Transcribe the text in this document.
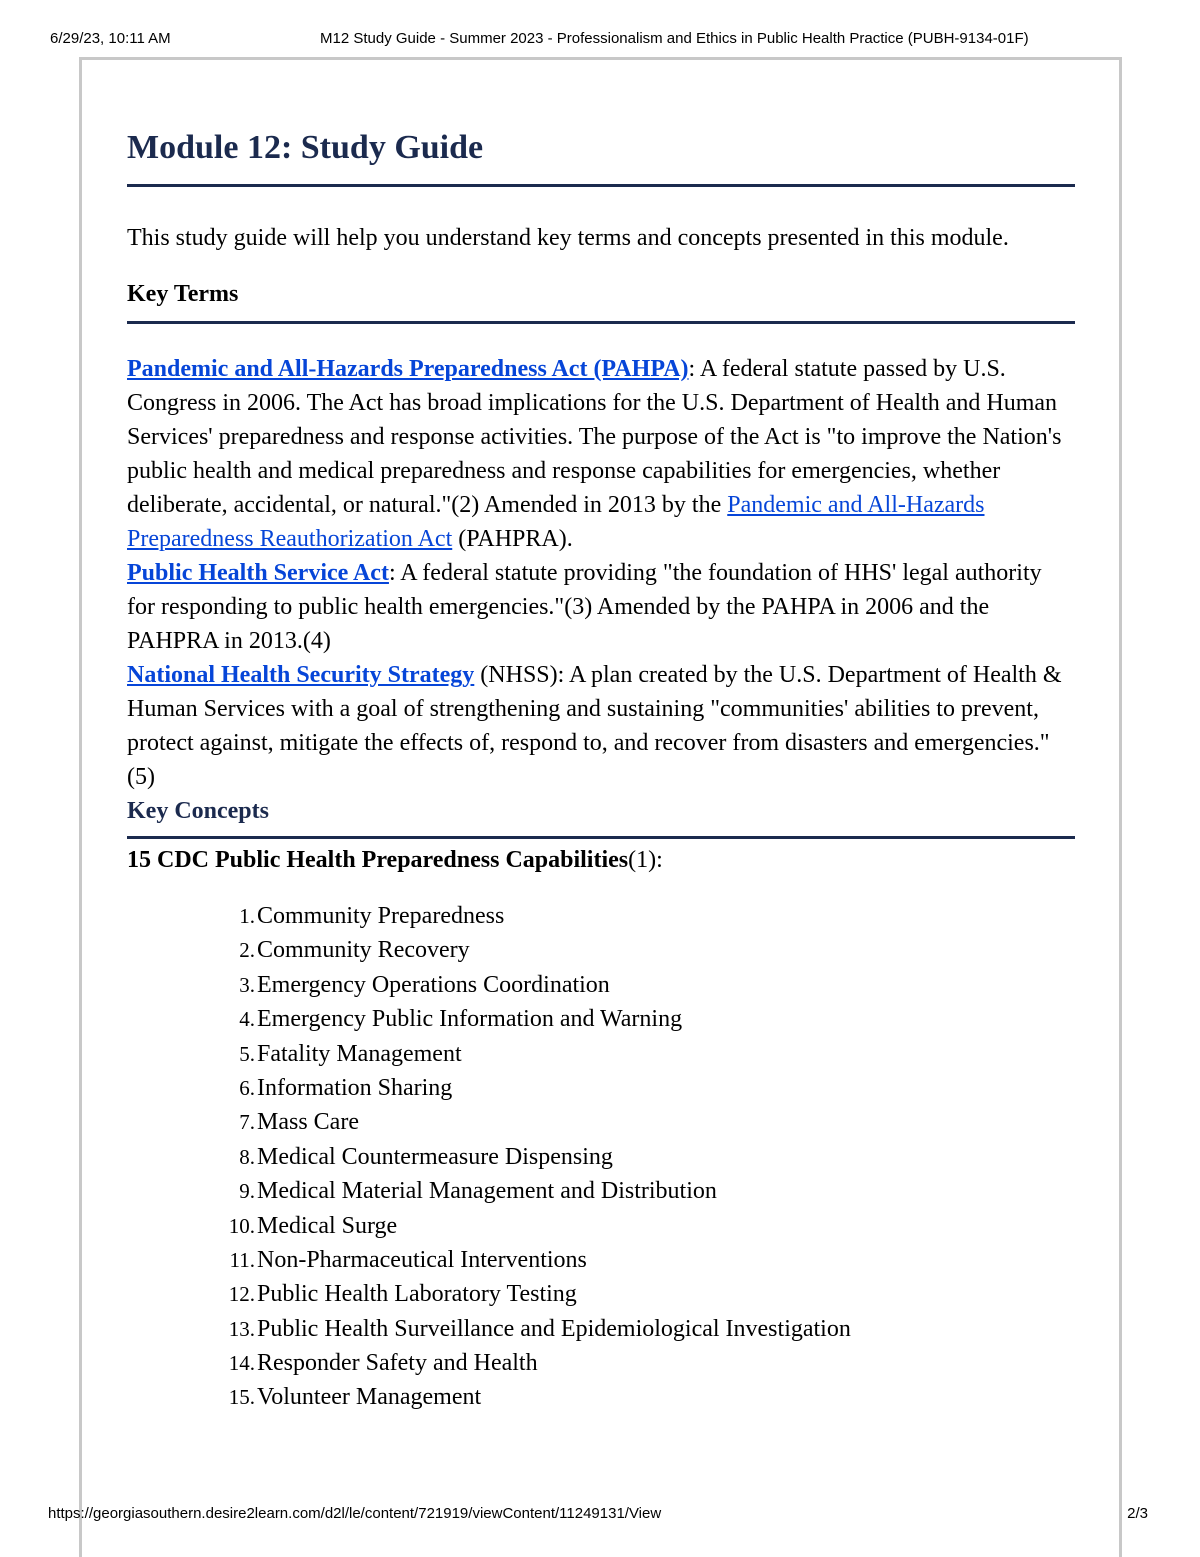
6/29/23, 10:11 AM	M12 Study Guide - Summer 2023 - Professionalism and Ethics in Public Health Practice (PUBH-9134-01F)
Module 12: Study Guide

This study guide will help you understand key terms and concepts presented in this module.

Key Terms

Pandemic and All-Hazards Preparedness Act (PAHPA): A federal statute passed by U.S. Congress in 2006. The Act has broad implications for the U.S. Department of Health and Human Services' preparedness and response activities. The purpose of the Act is "to improve the Nation's public health and medical preparedness and response capabilities for emergencies, whether deliberate, accidental, or natural."(2) Amended in 2013 by the Pandemic and All-Hazards Preparedness Reauthorization Act (PAHPRA).

Public Health Service Act: A federal statute providing "the foundation of HHS' legal authority for responding to public health emergencies."(3) Amended by the PAHPA in 2006 and the PAHPRA in 2013.(4)

National Health Security Strategy (NHSS): A plan created by the U.S. Department of Health & Human Services with a goal of strengthening and sustaining "communities' abilities to prevent, protect against, mitigate the effects of, respond to, and recover from disasters and emergencies."(5)

Key Concepts

15 CDC Public Health Preparedness Capabilities(1):

1. Community Preparedness
2. Community Recovery
3. Emergency Operations Coordination
4. Emergency Public Information and Warning
5. Fatality Management
6. Information Sharing
7. Mass Care
8. Medical Countermeasure Dispensing
9. Medical Material Management and Distribution
10. Medical Surge
11. Non-Pharmaceutical Interventions
12. Public Health Laboratory Testing
13. Public Health Surveillance and Epidemiological Investigation
14. Responder Safety and Health
15. Volunteer Management
https://georgiasouthern.desire2learn.com/d2l/le/content/721919/viewContent/11249131/View	2/3
